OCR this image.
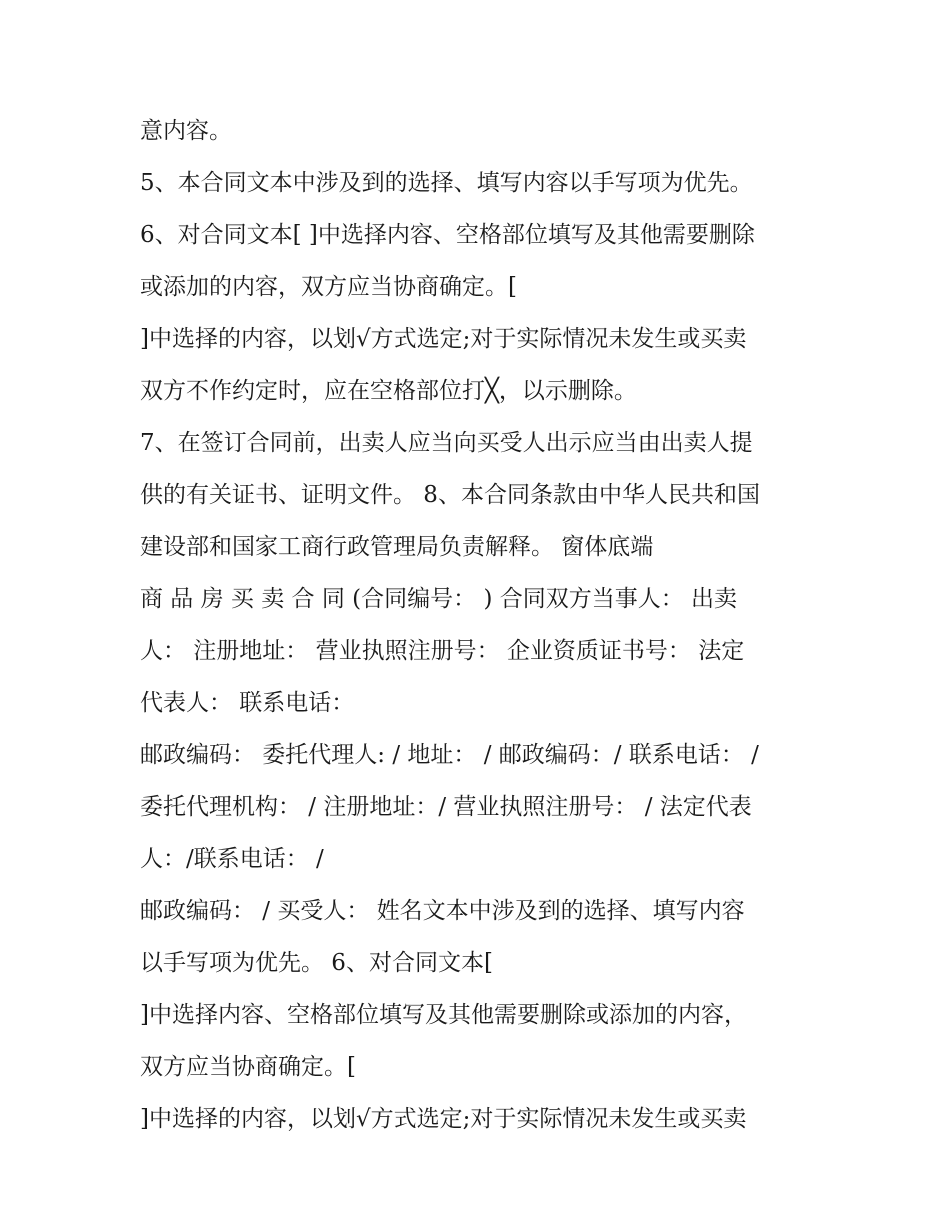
意内容。
5、本合同文本中涉及到的选择、填写内容以手写项为优先。
6、对合同文本[ ]中选择内容、空格部位填写及其他需要删除
或添加的内容，双方应当协商确定。[
]中选择的内容，以划√方式选定;对于实际情况未发生或买卖
双方不作约定时，应在空格部位打╳，以示删除。
7、在签订合同前，出卖人应当向买受人出示应当由出卖人提
供的有关证书、证明文件。 8、本合同条款由中华人民共和国
建设部和国家工商行政管理局负责解释。 窗体底端
商 品 房 买 卖 合 同 (合同编号： ) 合同双方当事人： 出卖
人： 注册地址： 营业执照注册号： 企业资质证书号： 法定
代表人： 联系电话：
邮政编码： 委托代理人: / 地址： / 邮政编码：/ 联系电话： /
委托代理机构： / 注册地址：/ 营业执照注册号： / 法定代表
人：/联系电话： /
邮政编码： / 买受人： 姓名文本中涉及到的选择、填写内容
以手写项为优先。 6、对合同文本[
]中选择内容、空格部位填写及其他需要删除或添加的内容，
双方应当协商确定。[
]中选择的内容，以划√方式选定;对于实际情况未发生或买卖
